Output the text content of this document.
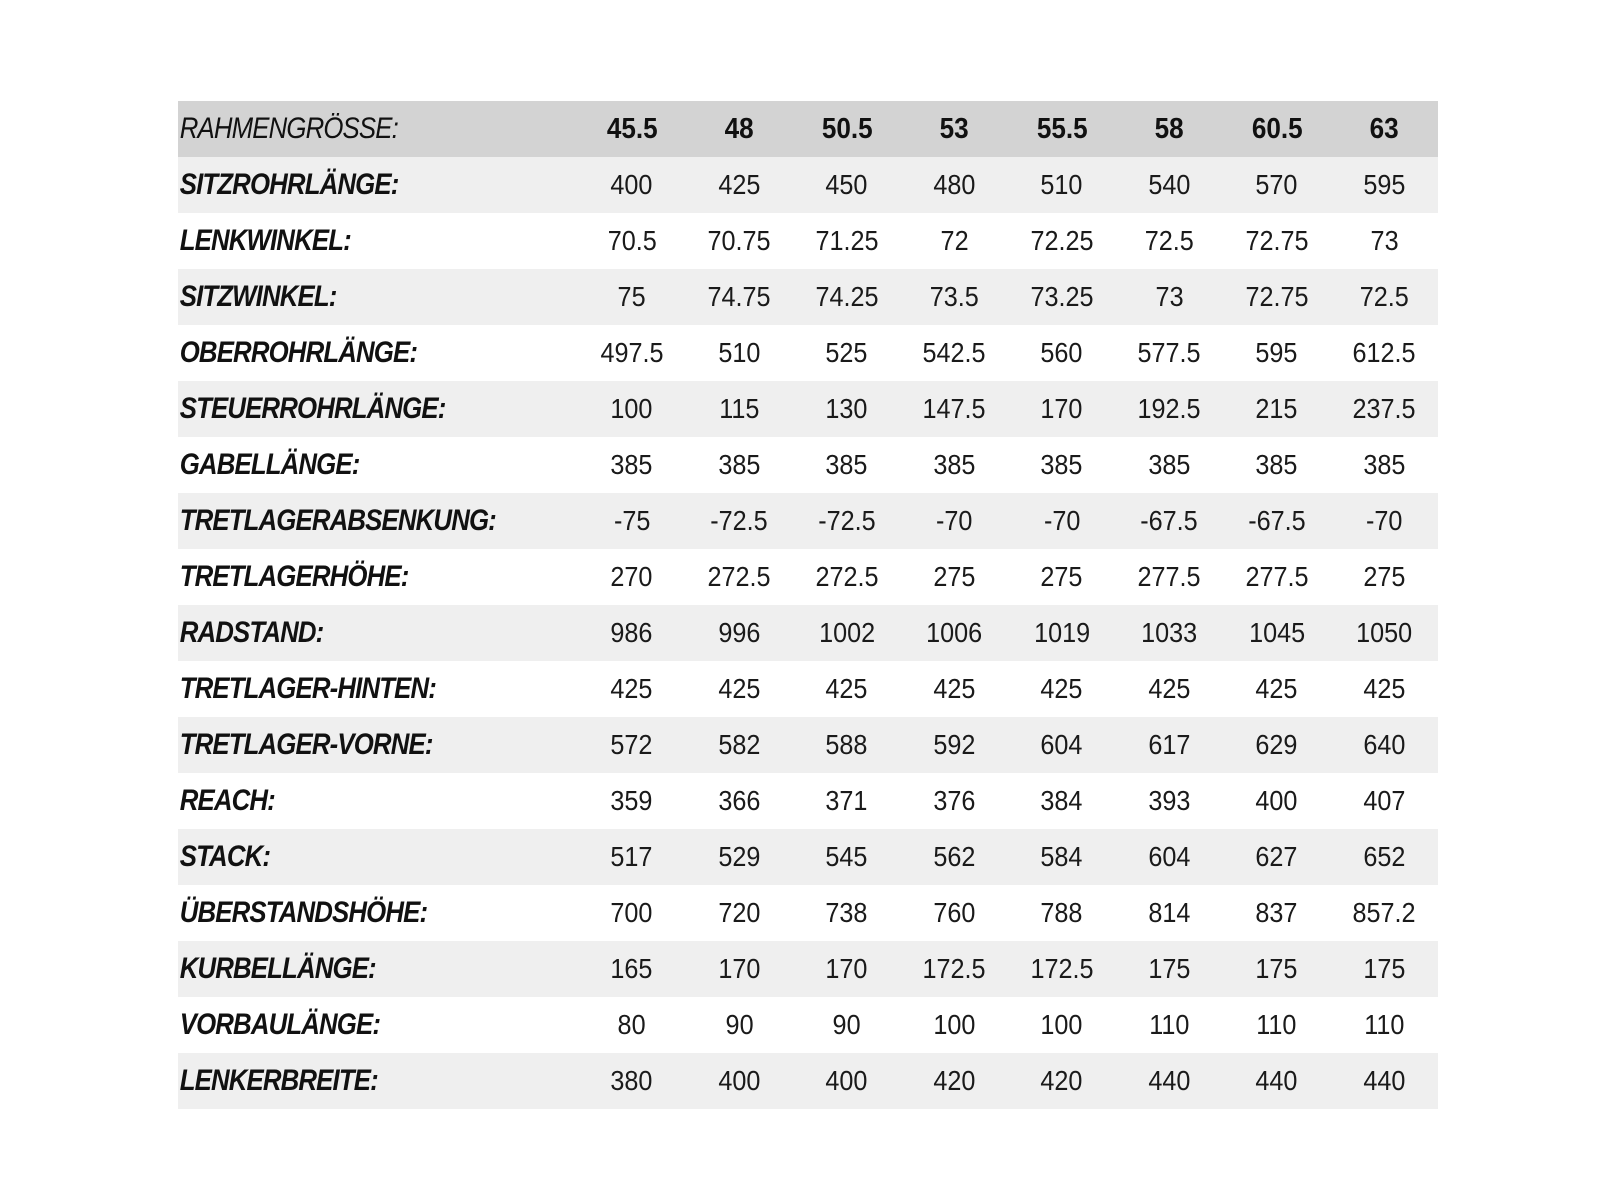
RAHMENGRÖSSE:	45.5	48	50.5	53	55.5	58	60.5	63
SITZROHRLÄNGE:	400	425	450	480	510	540	570	595
LENKWINKEL:	70.5	70.75	71.25	72	72.25	72.5	72.75	73
SITZWINKEL:	75	74.75	74.25	73.5	73.25	73	72.75	72.5
OBERROHRLÄNGE:	497.5	510	525	542.5	560	577.5	595	612.5
STEUERROHRLÄNGE:	100	115	130	147.5	170	192.5	215	237.5
GABELLÄNGE:	385	385	385	385	385	385	385	385
TRETLAGERABSENKUNG:	-75	-72.5	-72.5	-70	-70	-67.5	-67.5	-70
TRETLAGERHÖHE:	270	272.5	272.5	275	275	277.5	277.5	275
RADSTAND:	986	996	1002	1006	1019	1033	1045	1050
TRETLAGER-HINTEN:	425	425	425	425	425	425	425	425
TRETLAGER-VORNE:	572	582	588	592	604	617	629	640
REACH:	359	366	371	376	384	393	400	407
STACK:	517	529	545	562	584	604	627	652
ÜBERSTANDSHÖHE:	700	720	738	760	788	814	837	857.2
KURBELLÄNGE:	165	170	170	172.5	172.5	175	175	175
VORBAULÄNGE:	80	90	90	100	100	110	110	110
LENKERBREITE:	380	400	400	420	420	440	440	440
